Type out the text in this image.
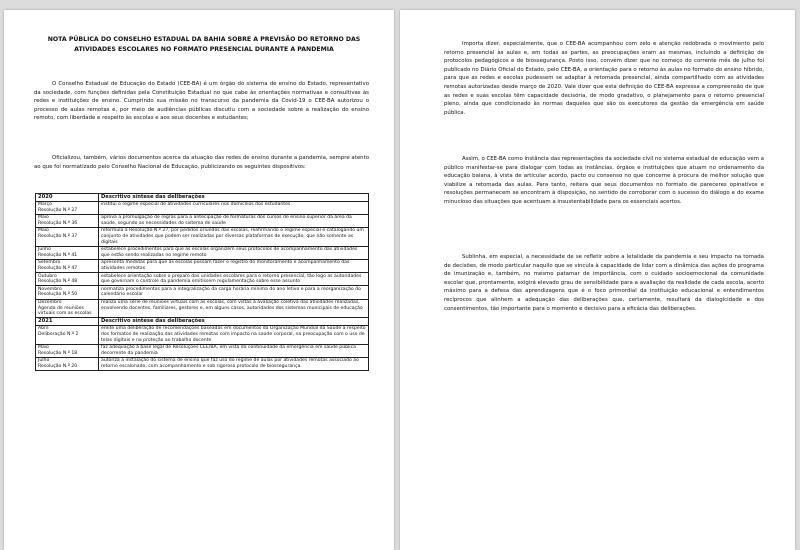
NOTA PÚBLICA DO CONSELHO ESTADUAL DA BAHIA SOBRE A PREVISÃO DO RETORNO DAS ATIVIDADES ESCOLARES NO FORMATO PRESENCIAL DURANTE A PANDEMIA
O Conselho Estadual de Educação do Estado (CEE-BA) é um órgão do sistema de ensino do Estado, representativo da sociedade, com funções definidas pela Constituição Estadual no que cabe às orientações normativas e consultivas às redes e instituições de ensino. Cumprindo sua missão no transcurso da pandemia da Covid-19 o CEE-BA autorizou o processo de aulas remotas e, por meio de audiências públicas discutiu com a sociedade sobre a realização do ensino remoto, com liberdade e respeito às escolas e aos seus docentes e estudantes;
Oficializou, também, vários documentos acerca da atuação das redes de ensino durante a pandemia, sempre atento ao que foi normatizado pelo Conselho Nacional de Educação, publicizando os seguintes dispositivos:
2020	Descritivo síntese das deliberações
Março
Resolução N.º 27	institui o regime especial de atividades curriculares nos domicílios dos estudantes
Maio
Resolução N.º 36	aprova a promulgação de regras para a antecipação de formaturas dos cursos de ensino superior da área da saúde, segundo as necessidades do sistema de saúde
Maio
Resolução N.º 37	reformula a Resolução N.º 27, por pedidos oriundos das escolas, reafirmando o regime especial e catalogando um conjunto de atividades que podem ser realizadas por diversas plataformas de execução, que não somente as digitais
Junho
Resolução N.º 41	estabelece procedimentos para que as escolas organizem seus protocolos de acompanhamento das atividades que estão sendo realizadas no regime remoto
Setembro
Resolução N.º 47	apresenta medidas para que as escolas possam fazer o registro do monitoramento e acompanhamento das atividades remotas
Outubro
Resolução N.º 48	estabelece orientação sobre o preparo das unidades escolares para o retorno presencial, tão logo as autoridades que governam o controle da pandemia emitissem regulamentação sobre esse assunto
Novembro
Resolução N.º 50	normatiza procedimentos para a integralização da carga horária mínima do ano letivo e para a reorganização do calendário escolar
Dezembro
Agenda de reuniões virtuais com as escolas	realiza uma série de reuniões virtuais com as escolas, com vistas à avaliação coletiva das atividades realizadas, envolvendo docentes, familiares, gestores e, em alguns casos, autoridades dos sistemas municipais de educação
2021	Descritivo síntese das deliberações
Abril
Deliberação N.º 2	emite uma deliberação de recomendações baseadas em documentos da Organização Mundial da Saúde a respeito dos formatos de realização das atividades remotas com impacto na saúde corporal, na preocupação com o uso de telas digitais e na proteção ao trabalho docente
Maio
Resolução N.º 18	faz adequação à base legal de Resoluções CEE/BA, em vista da continuidade da emergência em saúde pública decorrente da pandemia
Julho
Resolução N.º 20	autoriza a instalação do sistema de ensino que faz uso do regime de aulas por atividades remotas associado ao retorno escalonado, com acompanhamento e sob rigoroso protocolo de biossegurança.
Importa dizer, especialmente, que o CEE-BA acompanhou com zelo e atenção redobrada o movimento pelo retorno presencial às aulas e, em todas as partes, as preocupações eram as mesmas, incluindo a definição de protocolos pedagógicos e de biossegurança. Posto isso, convém dizer que no começo do corrente mês de julho foi publicado no Diário Oficial do Estado, pelo CEE-BA, a orientação para o retorno às aulas no formato do ensino híbrido, para que as redes e escolas pudessem se adaptar à retomada presencial, ainda compartilhado com as atividades remotas autorizadas desde março de 2020. Vale dizer que esta definição do CEE-BA expressa a compreensão de que as redes e suas escolas têm capacidade decisória, de modo gradativo, o planejamento para o retorno presencial pleno, ainda que condicionado às normas daqueles que são os executores da gestão da emergência em saúde pública.
Assim, o CEE-BA como instância das representações da sociedade civil no sistema estadual de educação vem a público manifestar-se para dialogar com todas as instâncias, órgãos e instituições que atuam no ordenamento da educação baiana, à vista de articular acordo, pacto ou consenso no que concerne à procura de melhor solução que viabilize a retomada das aulas. Para tanto, reitera que seus documentos no formato de pareceres opinativos e resoluções permanecem se encontram à disposição, no sentido de corroborar com o sucesso do diálogo e do exame minucioso das situações que acentuam a insustentabilidade para os essenciais acertos.
Sublinha, em especial, a necessidade de se refletir sobre a letalidade da pandemia e seu impacto na tomada de decisões, de modo particular naquilo que se vincula à capacidade de lidar com a dinâmica das ações do programa de imunização e, também, no mesmo patamar de importância, com o cuidado socioemocional da comunidade escolar que, prontamente, exigirá elevado grau de sensibilidade para a avaliação da realidade de cada escola, acerto máximo para a defesa das aprendizagens que é o foco primordial da instituição educacional e entendimentos recíprocos que alinhem a adequação das deliberações que, certamente, resultará da dialogicidade e dos consentimentos, tão importante para o momento e decisivo para a eficácia das deliberações.
